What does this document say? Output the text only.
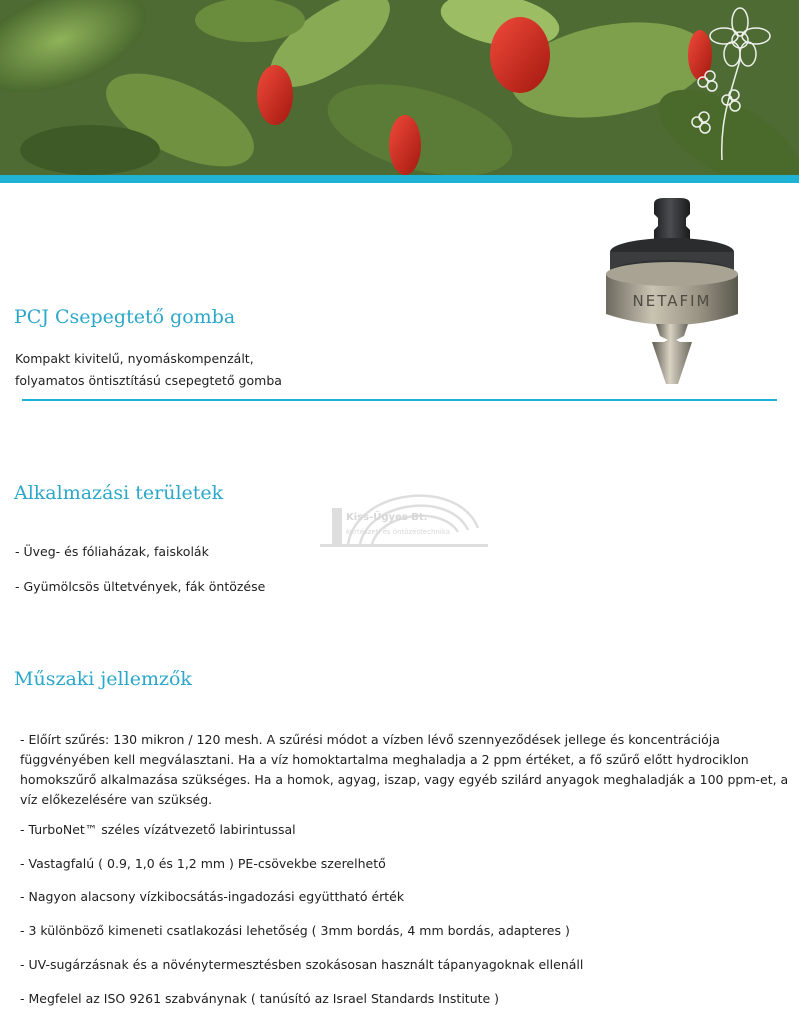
PCJ Csepegtető gomba

Kompakt kivitelű, nyomáskompenzált,

folyamatos öntisztítású csepegtető gomba

NETAFIM
Alkalmazási területek
Kiss-Ügyes Bt.
kertészeti és öntözéstechnika

- Üveg- és fóliaházak, faiskolák

- Gyümölcsös ültetvények, fák öntözése

Műszaki jellemzők
- Előírt szűrés: 130 mikron / 120 mesh. A szűrési módot a vízben lévő szennyeződések jellege és koncentrációja függvényében kell megválasztani. Ha a víz homoktartalma meghaladja a 2 ppm értéket, a fő szűrő előtt hydrociklon homokszűrő alkalmazása szükséges. Ha a homok, agyag, iszap, vagy egyéb szilárd anyagok meghaladják a 100 ppm-et, a víz előkezelésére van szükség.
- TurboNet™ széles vízátvezető labirintussal
- Vastagfalú ( 0.9, 1,0 és 1,2 mm ) PE-csövekbe szerelhető
- Nagyon alacsony vízkibocsátás-ingadozási együttható érték
- 3 különböző kimeneti csatlakozási lehetőség ( 3mm bordás, 4 mm bordás, adapteres )
- UV-sugárzásnak és a növénytermesztésben szokásosan használt tápanyagoknak ellenáll
- Megfelel az ISO 9261 szabványnak ( tanúsító az Israel Standards Institute )
